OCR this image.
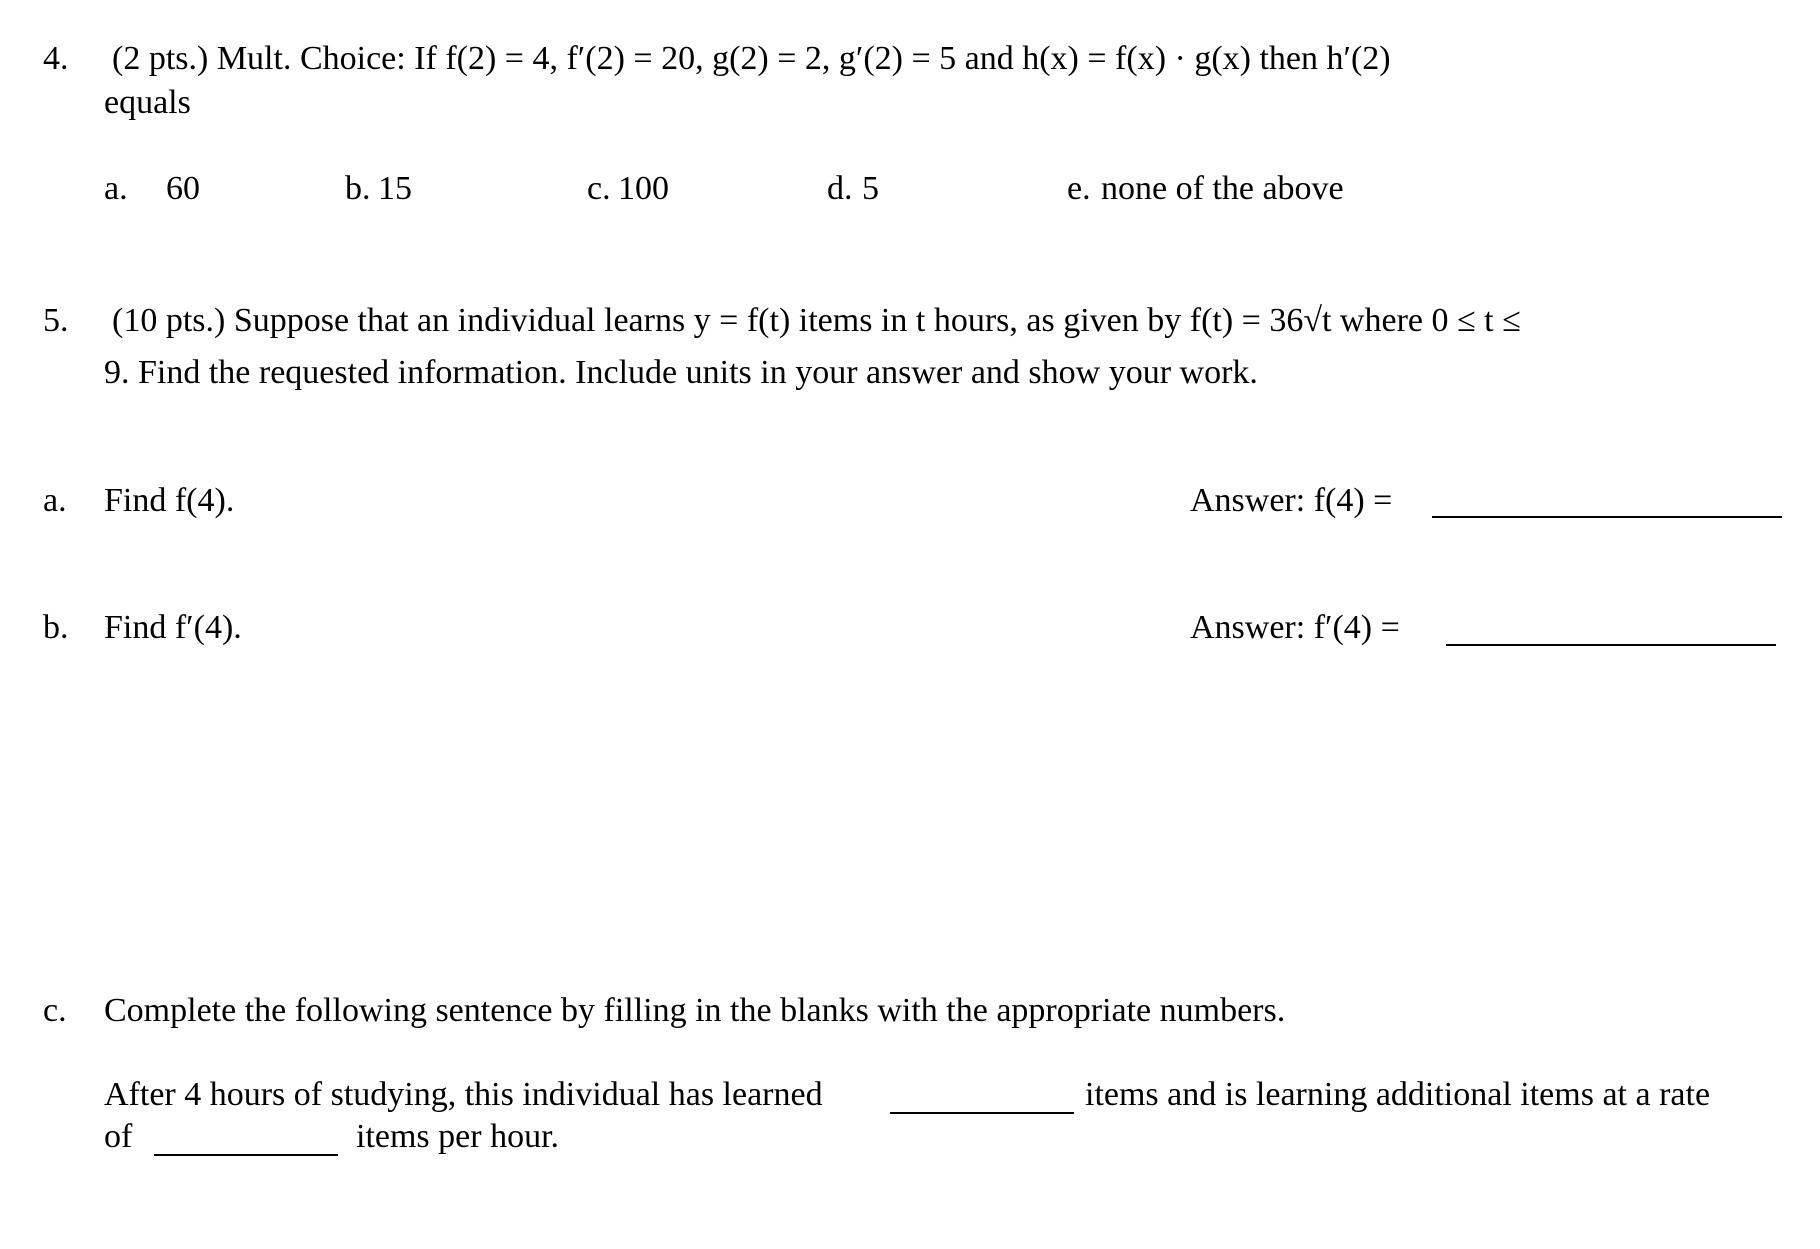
4. (2 pts.) Mult. Choice: If f(2) = 4, f′(2) = 20, g(2) = 2, g′(2) = 5 and h(x) = f(x) · g(x) then h′(2)
equals
a. 60	b. 15	c. 100	d. 5	e. none of the above
5. (10 pts.) Suppose that an individual learns y = f(t) items in t hours, as given by f(t) = 36√t where 0 ≤ t ≤
9. Find the requested information. Include units in your answer and show your work.
a. Find f(4).	Answer: f(4) =
b. Find f′(4).	Answer: f′(4) =
c. Complete the following sentence by filling in the blanks with the appropriate numbers.
After 4 hours of studying, this individual has learned	items and is learning additional items at a rate
of	items per hour.
